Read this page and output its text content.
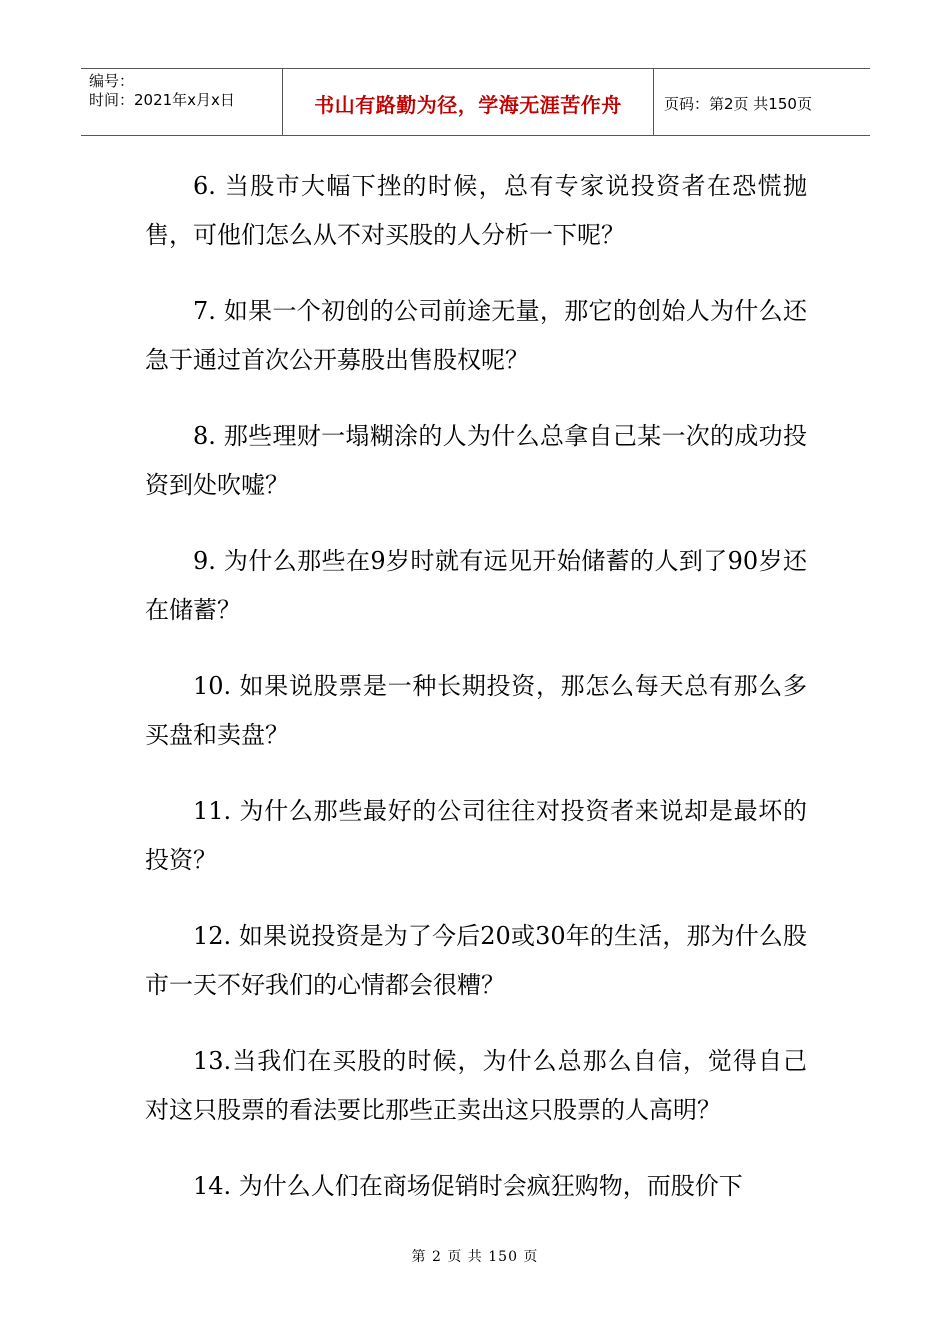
编号：
时间：2021年x月x日	书山有路勤为径，学海无涯苦作舟	页码：第2页 共150页

6. 当股市大幅下挫的时候，总有专家说投资者在恐慌抛售，可他们怎么从不对买股的人分析一下呢？

7. 如果一个初创的公司前途无量，那它的创始人为什么还急于通过首次公开募股出售股权呢？

8. 那些理财一塌糊涂的人为什么总拿自己某一次的成功投资到处吹嘘？

9. 为什么那些在9岁时就有远见开始储蓄的人到了90岁还在储蓄？

10. 如果说股票是一种长期投资，那怎么每天总有那么多买盘和卖盘？

11. 为什么那些最好的公司往往对投资者来说却是最坏的投资？

12. 如果说投资是为了今后20或30年的生活，那为什么股市一天不好我们的心情都会很糟？

13.当我们在买股的时候，为什么总那么自信，觉得自己对这只股票的看法要比那些正卖出这只股票的人高明？

14. 为什么人们在商场促销时会疯狂购物，而股价下

第 2 页 共 150 页
